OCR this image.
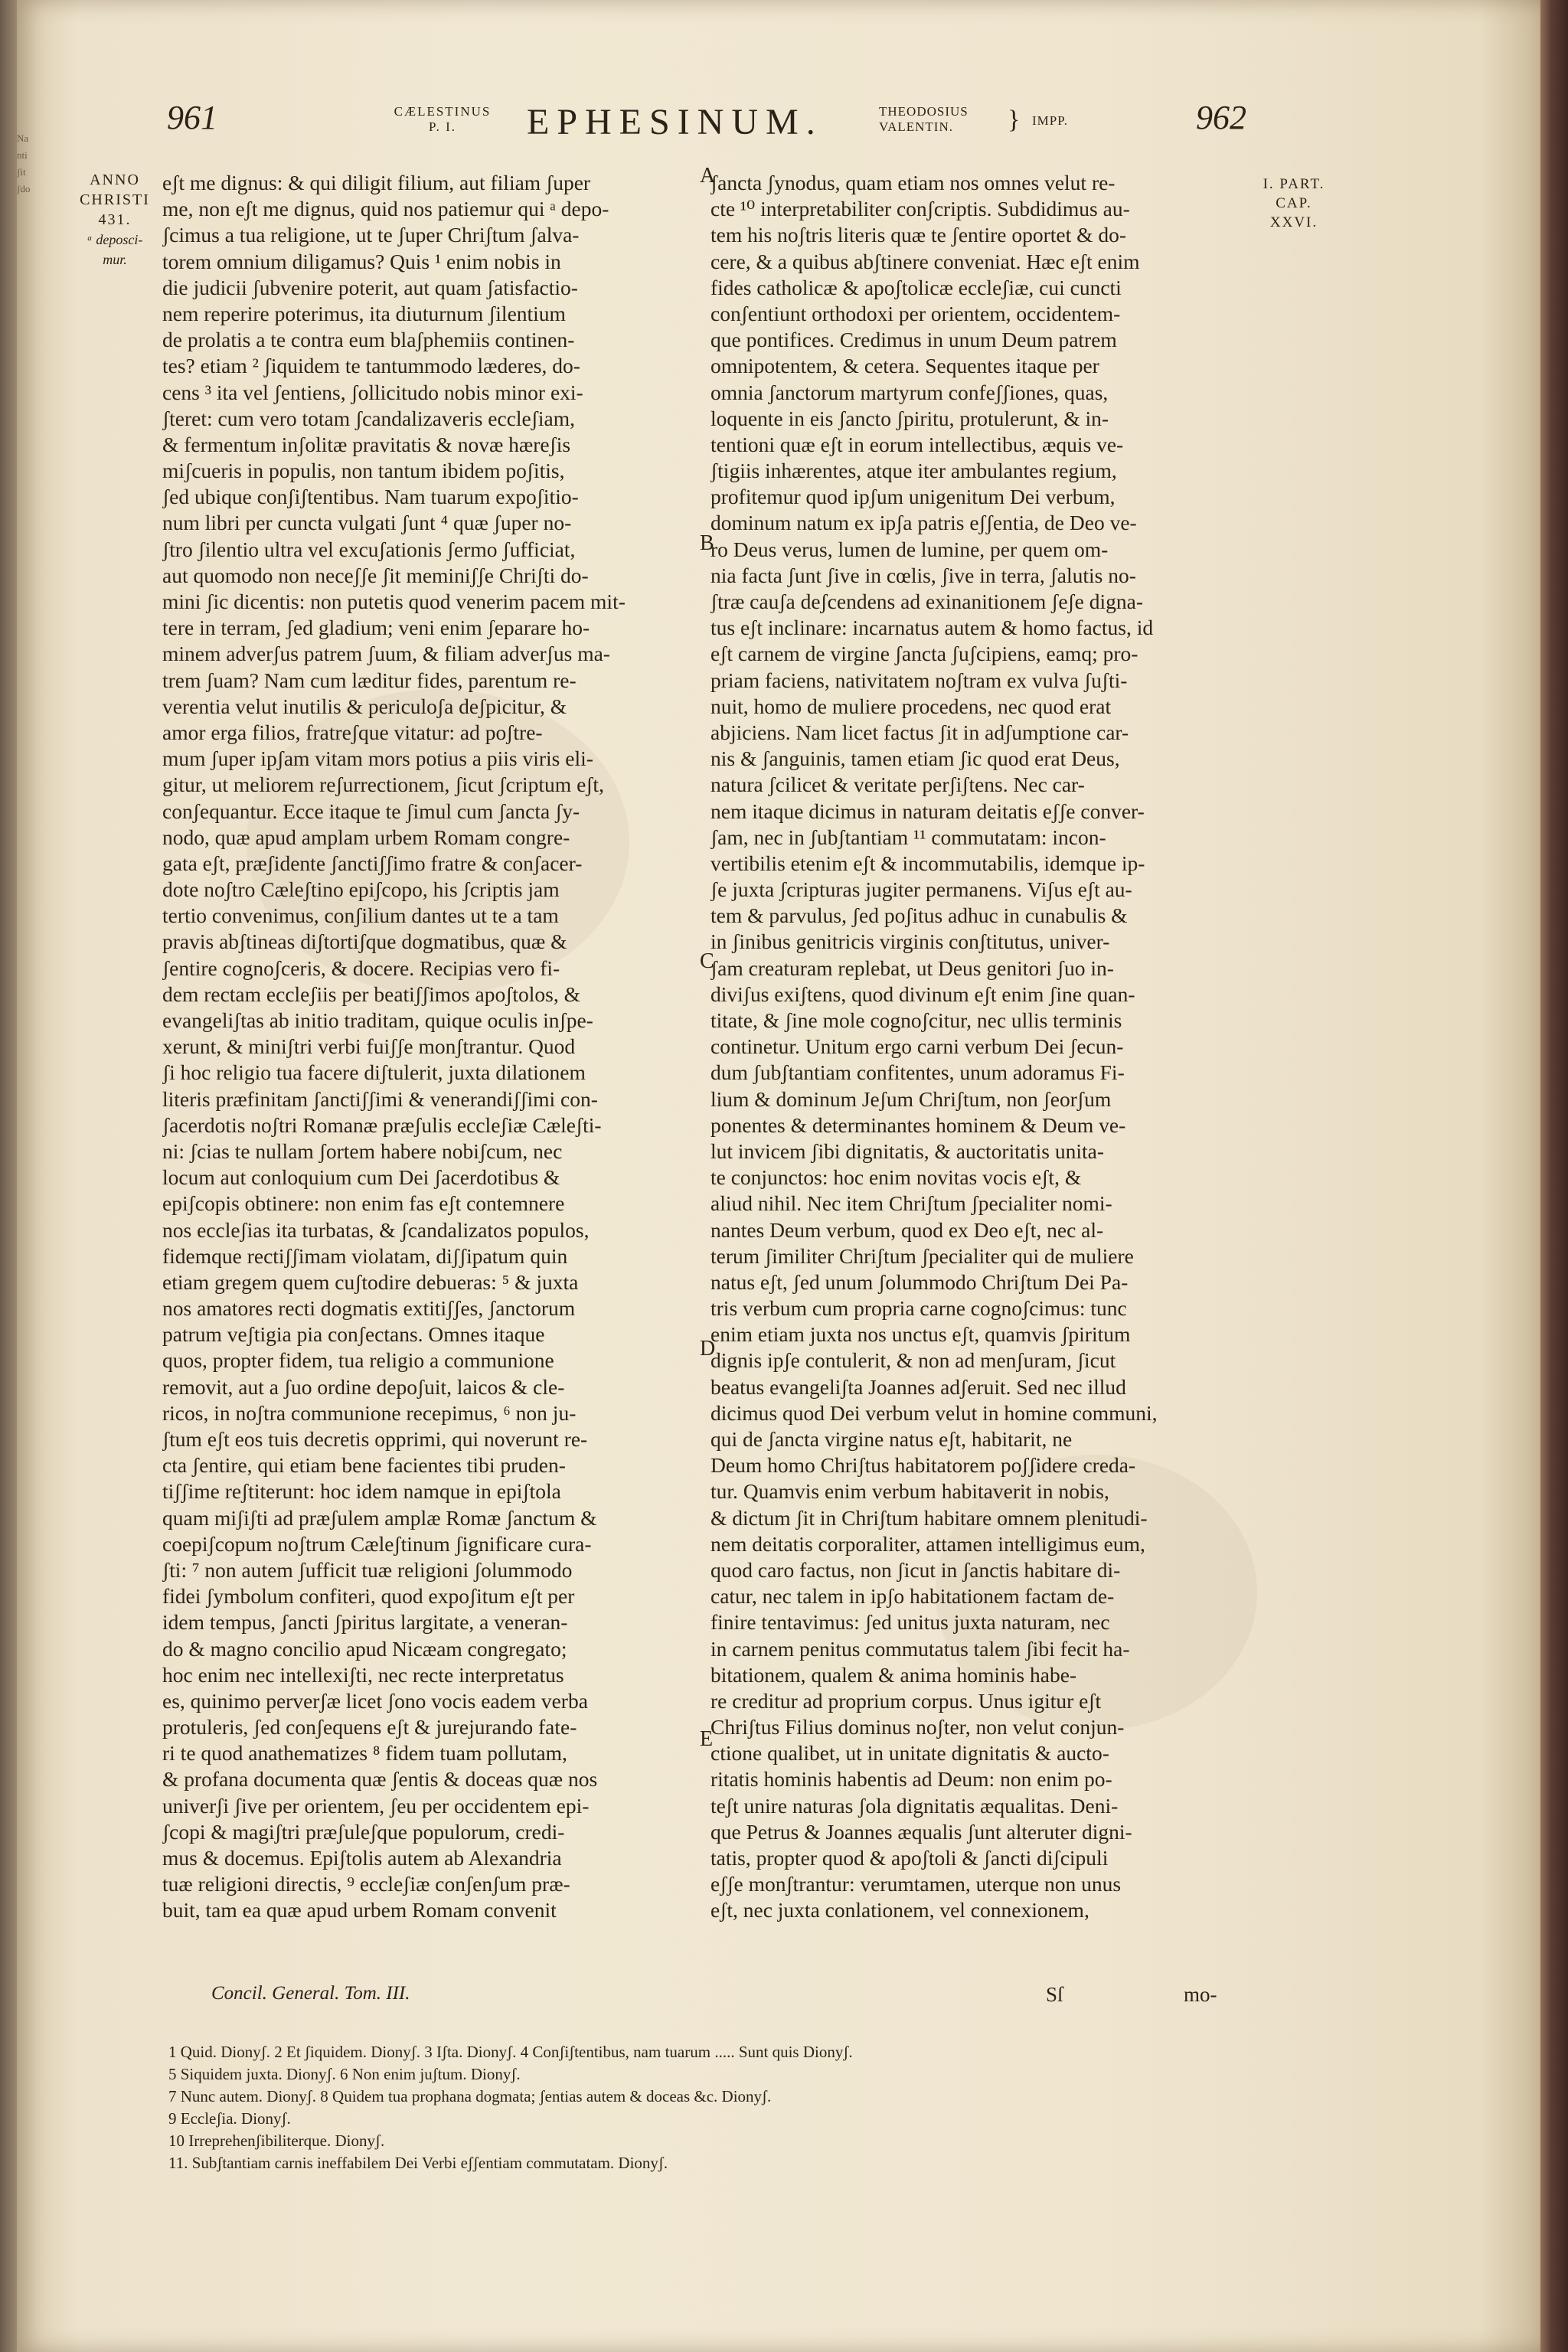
Na
nti
ʃit
ʃdo
961	CÆLESTINUS
P. I.	EPHESINUM.	THEODOSIUS
VALENTIN.	} IMPP.	962
ANNO
CHRISTI
431.
ᵃ deposci-
mur.
I. PART.
CAP.
XXVI.
A
B
C
D
E
eʃt me dignus: & qui diligit filium, aut filiam ʃuper
me, non eʃt me dignus, quid nos patiemur qui ᵃ depo-
ʃcimus a tua religione, ut te ʃuper Chriʃtum ʃalva-
torem omnium diligamus? Quis ¹ enim nobis in
die judicii ʃubvenire poterit, aut quam ʃatisfactio-
nem reperire poterimus, ita diuturnum ʃilentium
de prolatis a te contra eum blaʃphemiis continen-
tes? etiam ² ʃiquidem te tantummodo læderes, do-
cens ³ ita vel ʃentiens, ʃollicitudo nobis minor exi-
ʃteret: cum vero totam ʃcandalizaveris eccleʃiam,
& fermentum inʃolitæ pravitatis & novæ hæreʃis
miʃcueris in populis, non tantum ibidem poʃitis,
ʃed ubique conʃiʃtentibus. Nam tuarum expoʃitio-
num libri per cuncta vulgati ʃunt ⁴ quæ ʃuper no-
ʃtro ʃilentio ultra vel excuʃationis ʃermo ʃufficiat,
aut quomodo non neceʃʃe ʃit meminiʃʃe Chriʃti do-
mini ʃic dicentis: non putetis quod venerim pacem mit-
tere in terram, ʃed gladium; veni enim ʃeparare ho-
minem adverʃus patrem ʃuum, & filiam adverʃus ma-
trem ʃuam? Nam cum læditur fides, parentum re-
verentia velut inutilis & periculoʃa deʃpicitur, &
amor erga filios, fratreʃque vitatur: ad poʃtre-
mum ʃuper ipʃam vitam mors potius a piis viris eli-
gitur, ut meliorem reʃurrectionem, ʃicut ʃcriptum eʃt,
conʃequantur. Ecce itaque te ʃimul cum ʃancta ʃy-
nodo, quæ apud amplam urbem Romam congre-
gata eʃt, præʃidente ʃanctiʃʃimo fratre & conʃacer-
dote noʃtro Cæleʃtino epiʃcopo, his ʃcriptis jam
tertio convenimus, conʃilium dantes ut te a tam
pravis abʃtineas diʃtortiʃque dogmatibus, quæ &
ʃentire cognoʃceris, & docere. Recipias vero fi-
dem rectam eccleʃiis per beatiʃʃimos apoʃtolos, &
evangeliʃtas ab initio traditam, quique oculis inʃpe-
xerunt, & miniʃtri verbi fuiʃʃe monʃtrantur. Quod
ʃi hoc religio tua facere diʃtulerit, juxta dilationem
literis præfinitam ʃanctiʃʃimi & venerandiʃʃimi con-
ʃacerdotis noʃtri Romanæ præʃulis eccleʃiæ Cæleʃti-
ni: ʃcias te nullam ʃortem habere nobiʃcum, nec
locum aut conloquium cum Dei ʃacerdotibus &
epiʃcopis obtinere: non enim fas eʃt contemnere
nos eccleʃias ita turbatas, & ʃcandalizatos populos,
fidemque rectiʃʃimam violatam, diʃʃipatum quin
etiam gregem quem cuʃtodire debueras: ⁵ & juxta
nos amatores recti dogmatis extitiʃʃes, ʃanctorum
patrum veʃtigia pia conʃectans. Omnes itaque
quos, propter fidem, tua religio a communione
removit, aut a ʃuo ordine depoʃuit, laicos & cle-
ricos, in noʃtra communione recepimus, ⁶ non ju-
ʃtum eʃt eos tuis decretis opprimi, qui noverunt re-
cta ʃentire, qui etiam bene facientes tibi pruden-
tiʃʃime reʃtiterunt: hoc idem namque in epiʃtola
quam miʃiʃti ad præʃulem amplæ Romæ ʃanctum &
coepiʃcopum noʃtrum Cæleʃtinum ʃignificare cura-
ʃti: ⁷ non autem ʃufficit tuæ religioni ʃolummodo
fidei ʃymbolum confiteri, quod expoʃitum eʃt per
idem tempus, ʃancti ʃpiritus largitate, a veneran-
do & magno concilio apud Nicæam congregato;
hoc enim nec intellexiʃti, nec recte interpretatus
es, quinimo perverʃæ licet ʃono vocis eadem verba
protuleris, ʃed conʃequens eʃt & jurejurando fate-
ri te quod anathematizes ⁸ fidem tuam pollutam,
& profana documenta quæ ʃentis & doceas quæ nos
univerʃi ʃive per orientem, ʃeu per occidentem epi-
ʃcopi & magiʃtri præʃuleʃque populorum, credi-
mus & docemus. Epiʃtolis autem ab Alexandria
tuæ religioni directis, ⁹ eccleʃiæ conʃenʃum præ-
buit, tam ea quæ apud urbem Romam convenit
ʃancta ʃynodus, quam etiam nos omnes velut re-
cte ¹⁰ interpretabiliter conʃcriptis. Subdidimus au-
tem his noʃtris literis quæ te ʃentire oportet & do-
cere, & a quibus abʃtinere conveniat. Hæc eʃt enim
fides catholicæ & apoʃtolicæ eccleʃiæ, cui cuncti
conʃentiunt orthodoxi per orientem, occidentem-
que pontifices. Credimus in unum Deum patrem
omnipotentem, & cetera. Sequentes itaque per
omnia ʃanctorum martyrum confeʃʃiones, quas,
loquente in eis ʃancto ʃpiritu, protulerunt, & in-
tentioni quæ eʃt in eorum intellectibus, æquis ve-
ʃtigiis inhærentes, atque iter ambulantes regium,
profitemur quod ipʃum unigenitum Dei verbum,
dominum natum ex ipʃa patris eʃʃentia, de Deo ve-
ro Deus verus, lumen de lumine, per quem om-
nia facta ʃunt ʃive in cœlis, ʃive in terra, ʃalutis no-
ʃtræ cauʃa deʃcendens ad exinanitionem ʃeʃe digna-
tus eʃt inclinare: incarnatus autem & homo factus, id
eʃt carnem de virgine ʃancta ʃuʃcipiens, eamq; pro-
priam faciens, nativitatem noʃtram ex vulva ʃuʃti-
nuit, homo de muliere procedens, nec quod erat
abjiciens. Nam licet factus ʃit in adʃumptione car-
nis & ʃanguinis, tamen etiam ʃic quod erat Deus,
natura ʃcilicet & veritate perʃiʃtens. Nec car-
nem itaque dicimus in naturam deitatis eʃʃe conver-
ʃam, nec in ʃubʃtantiam ¹¹ commutatam: incon-
vertibilis etenim eʃt & incommutabilis, idemque ip-
ʃe juxta ʃcripturas jugiter permanens. Viʃus eʃt au-
tem & parvulus, ʃed poʃitus adhuc in cunabulis &
in ʃinibus genitricis virginis conʃtitutus, univer-
ʃam creaturam replebat, ut Deus genitori ʃuo in-
diviʃus exiʃtens, quod divinum eʃt enim ʃine quan-
titate, & ʃine mole cognoʃcitur, nec ullis terminis
continetur. Unitum ergo carni verbum Dei ʃecun-
dum ʃubʃtantiam confitentes, unum adoramus Fi-
lium & dominum Jeʃum Chriʃtum, non ʃeorʃum
ponentes & determinantes hominem & Deum ve-
lut invicem ʃibi dignitatis, & auctoritatis unita-
te conjunctos: hoc enim novitas vocis eʃt, &
aliud nihil. Nec item Chriʃtum ʃpecialiter nomi-
nantes Deum verbum, quod ex Deo eʃt, nec al-
terum ʃimiliter Chriʃtum ʃpecialiter qui de muliere
natus eʃt, ʃed unum ʃolummodo Chriʃtum Dei Pa-
tris verbum cum propria carne cognoʃcimus: tunc
enim etiam juxta nos unctus eʃt, quamvis ʃpiritum
dignis ipʃe contulerit, & non ad menʃuram, ʃicut
beatus evangeliʃta Joannes adʃeruit. Sed nec illud
dicimus quod Dei verbum velut in homine communi,
qui de ʃancta virgine natus eʃt, habitarit, ne
Deum homo Chriʃtus habitatorem poʃʃidere creda-
tur. Quamvis enim verbum habitaverit in nobis,
& dictum ʃit in Chriʃtum habitare omnem plenitudi-
nem deitatis corporaliter, attamen intelligimus eum,
quod caro factus, non ʃicut in ʃanctis habitare di-
catur, nec talem in ipʃo habitationem factam de-
finire tentavimus: ʃed unitus juxta naturam, nec
in carnem penitus commutatus talem ʃibi fecit ha-
bitationem, qualem & anima hominis habe-
re creditur ad proprium corpus. Unus igitur eʃt
Chriʃtus Filius dominus noʃter, non velut conjun-
ctione qualibet, ut in unitate dignitatis & aucto-
ritatis hominis habentis ad Deum: non enim po-
teʃt unire naturas ʃola dignitatis æqualitas. Deni-
que Petrus & Joannes æqualis ʃunt alteruter digni-
tatis, propter quod & apoʃtoli & ʃancti diʃcipuli
eʃʃe monʃtrantur: verumtamen, uterque non unus
eʃt, nec juxta conlationem, vel connexionem,
Concil. General. Tom. III.	Sſ	mo-
1 Quid. Dionyʃ. 2 Et ʃiquidem. Dionyʃ. 3 Iʃta. Dionyʃ. 4 Conʃiʃtentibus, nam tuarum ..... Sunt quis Dionyʃ.
5 Siquidem juxta. Dionyʃ. 6 Non enim juʃtum. Dionyʃ.
7 Nunc autem. Dionyʃ. 8 Quidem tua prophana dogmata; ʃentias autem & doceas &c. Dionyʃ.
9 Eccleʃia. Dionyʃ.
10 Irreprehenʃibiliterque. Dionyʃ.
11. Subʃtantiam carnis ineffabilem Dei Verbi eʃʃentiam commutatam. Dionyʃ.
